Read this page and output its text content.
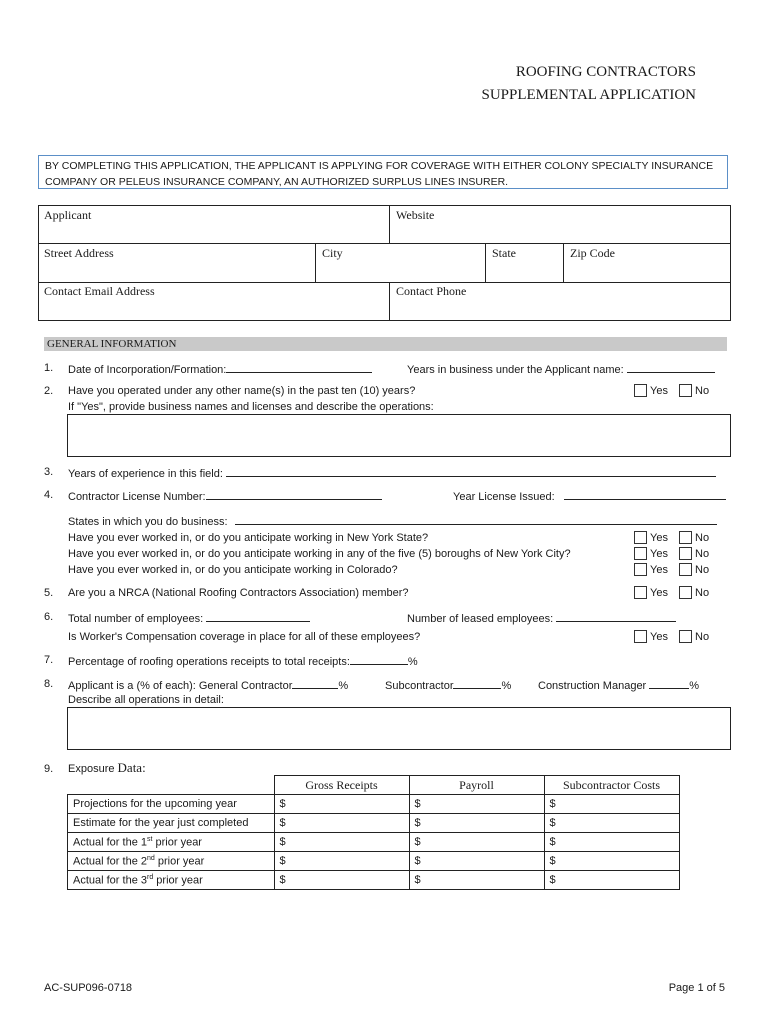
ROOFING CONTRACTORS
SUPPLEMENTAL APPLICATION
BY COMPLETING THIS APPLICATION, THE APPLICANT IS APPLYING FOR COVERAGE WITH EITHER COLONY SPECIALTY INSURANCE COMPANY OR PELEUS INSURANCE COMPANY, AN AUTHORIZED SURPLUS LINES INSURER.
Applicant	Website
Street Address	City	State	Zip Code
Contact Email Address	Contact Phone
GENERAL INFORMATION
1. Date of Incorporation/Formation:	Years in business under the Applicant name:
2. Have you operated under any other name(s) in the past ten (10) years?
If "Yes", provide business names and licenses and describe the operations:
Yes No
3. Years of experience in this field:
4. Contractor License Number:	Year License Issued:
States in which you do business:
Have you ever worked in, or do you anticipate working in New York State?
Have you ever worked in, or do you anticipate working in any of the five (5) boroughs of New York City?
Have you ever worked in, or do you anticipate working in Colorado?
Yes No
Yes No
Yes No
5. Are you a NRCA (National Roofing Contractors Association) member?	Yes No
6. Total number of employees:	Number of leased employees:
Is Worker's Compensation coverage in place for all of these employees?	Yes No
7. Percentage of roofing operations receipts to total receipts:	%
8. Applicant is a (% of each): General Contractor	%	Subcontractor	% Construction Manager	%
Describe all operations in detail:
9. Exposure Data:
	Gross Receipts	Payroll	Subcontractor Costs
Projections for the upcoming year	$	$	$
Estimate for the year just completed	$	$	$
Actual for the 1st prior year	$	$	$
Actual for the 2nd prior year	$	$	$
Actual for the 3rd prior year	$	$	$
AC-SUP096-0718	Page 1 of 5
